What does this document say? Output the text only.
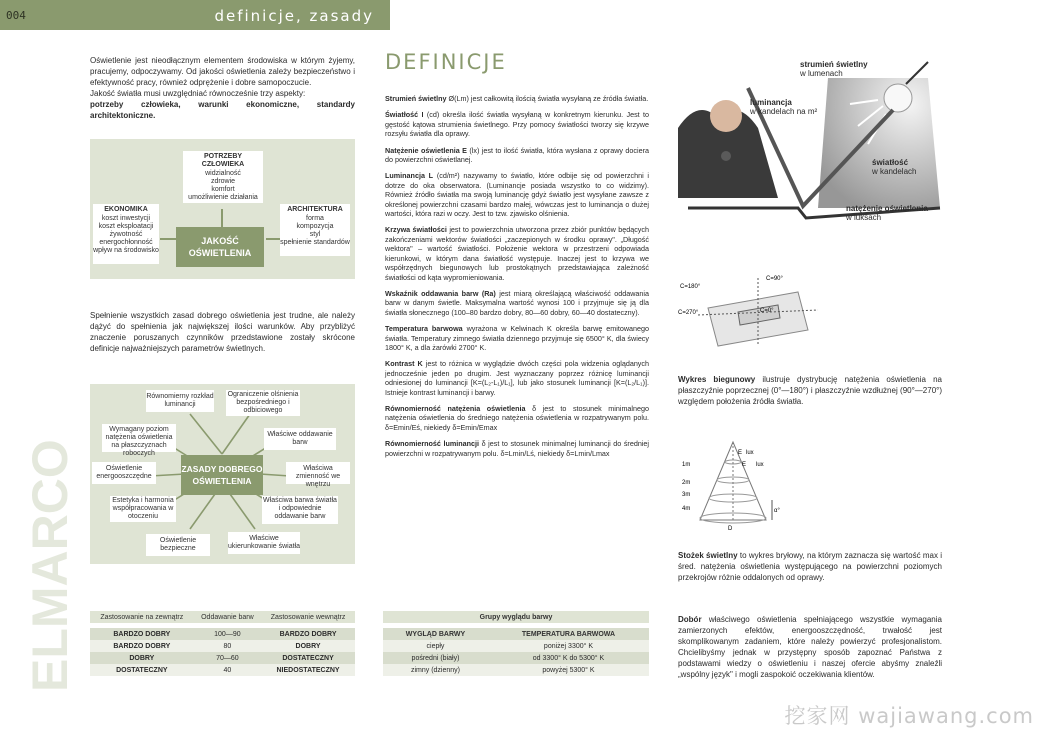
004	definicje, zasady
ELMARCO
Oświetlenie jest nieodłącznym elementem środowiska w którym żyjemy, pracujemy, odpoczywamy. Od jakości oświetlenia zależy bezpieczeństwo i efektywność pracy, również odprężenie i dobre samopoczucie.
Jakość światła musi uwzględniać równocześnie trzy aspekty:
potrzeby człowieka, warunki ekonomiczne, standardy architektoniczne.
POTRZEBY CZŁOWIEKA
widzialność
zdrowie
komfort
umożliwienie działania
EKONOMIKA
koszt inwestycji
koszt eksploatacji
żywotność
energochłonność
wpływ na środowisko
ARCHITEKTURA
forma
kompozycja
styl
spełnienie standardów
JAKOŚĆ
OŚWIETLENIA
Spełnienie wszystkich zasad dobrego oświetlenia jest trudne, ale należy dążyć do spełnienia jak największej ilości warunków. Aby przybliżyć znaczenie poruszanych czynników przedstawione zostały skrócone definicje najważniejszych parametrów świetlnych.
Równomierny rozkład luminancji
Ograniczenie olśnienia bezpośredniego i odbiciowego
Wymagany poziom natężenia oświetlenia na płaszczyznach roboczych
Właściwe oddawanie barw
Oświetlenie energooszczędne
Właściwa zmienność we wnętrzu
Estetyka i harmonia współpracowania w otoczeniu
Właściwa barwa światła i odpowiednie oddawanie barw
Oświetlenie bezpieczne
Właściwe ukierunkowanie światła
ZASADY DOBREGO
OŚWIETLENIA
Zastosowanie na zewnątrz	Oddawanie barw	Zastosowanie wewnątrz

BARDZO DOBRY	100—90	BARDZO DOBRY
BARDZO DOBRY	80	DOBRY
DOBRY	70—60	DOSTATECZNY
DOSTATECZNY	40	NIEDOSTATECZNY
DEFINICJE

Strumień świetlny Ø(Lm) jest całkowitą ilością światła wysyłaną ze źródła światła.

Światłość I (cd) określa ilość światła wysyłaną w konkretnym kierunku. Jest to gęstość kątowa strumienia świetlnego. Przy pomocy światłości tworzy się krzywe rozsyłu światła dla oprawy.

Natężenie oświetlenia E (lx) jest to ilość światła, która wysłana z oprawy dociera do powierzchni oświetlanej.

Luminancja L (cd/m²) nazywamy to światło, które odbije się od powierzchni i dotrze do oka obserwatora. (Luminancje posiada wszystko to co widzimy). Również źródło światła ma swoją luminancję gdyż światło jest wysyłane zawsze z określonej powierzchni czasami bardzo małej, wówczas jest to luminancja o dużej wartości, która razi w oczy. Jest to tzw. zjawisko olśnienia.

Krzywa światłości jest to powierzchnia utworzona przez zbiór punktów będących zakończeniami wektorów światłości „zaczepionych w środku oprawy". „Długość wektora" – wartość światłości. Położenie wektora w przestrzeni odpowiada kierunkowi, w którym dana światłość występuje. Inaczej jest to krzywa we współrzędnych biegunowych lub prostokątnych przedstawiająca zależność światłości od kąta wypromieniowania.

Wskaźnik oddawania barw (Ra) jest miarą określającą właściwość oddawania barw w danym świetle. Maksymalna wartość wynosi 100 i przyjmuje się ją dla światła słonecznego (100–80 bardzo dobry, 80—60 dobry, 60—40 dostateczny).

Temperatura barwowa wyrażona w Kelwinach K określa barwę emitowanego światła. Temperatury zimnego światła dziennego przyjmuje się 6500° K, dla świecy 1800° K, a dla żarówki 2700° K.

Kontrast K jest to różnica w wyglądzie dwóch części pola widzenia oglądanych jednocześnie jeden po drugim. Jest wyznaczany poprzez różnicę luminancji odniesionej do luminancji [K=(L₂-L₁)/L₁], lub jako stosunek luminancji [K=(L₂/L₁)]. Istnieje kontrast luminancji i barwy.

Równomierność natężenia oświetlenia δ jest to stosunek minimalnego natężenia oświetlenia do średniego natężenia oświetlenia w rozpatrywanym polu. δ=Emin/Eś, niekiedy δ=Emin/Emax

Równomierność luminancji δ jest to stosunek minimalnej luminancji do średniej powierzchni w rozpatrywanym polu. δ=Lmin/Lś, niekiedy δ=Lmin/Lmax

Grupy wyglądu barwy	

WYGLĄD BARWY	TEMPERATURA BARWOWA
ciepły	poniżej 3300° K
pośredni (biały)	od 3300° K do 5300° K
zimny (dzienny)	powyżej 5300° K
strumień świetlny
w lumenach
luminancja
w kandelach na m²
światłość
w kandelach
natężenie oświetlenia
w luksach
C=180°
C=90°
C=270°	C=0°
Wykres biegunowy ilustruje dystrybucję natężenia oświetlenia na płaszczyźnie poprzecznej (0°—180°) i płaszczyźnie wzdłużnej (90°—270°) względem położenia źródła światła.
1m
2m
3m
4m
E lux
E lux
α°
D
Stożek świetlny to wykres bryłowy, na którym zaznacza się wartość max i śred. natężenia oświetlenia występującego na powierzchni poziomych przekrojów różnie oddalonych od oprawy.
Dobór właściwego oświetlenia spełniającego wszystkie wymagania zamierzonych efektów, energooszczędność, trwałość jest skomplikowanym zadaniem, które należy powierzyć profesjonalistom. Chcielibyśmy jednak w przystępny sposób zapoznać Państwa z podstawami wiedzy o oświetleniu i naszej ofercie abyśmy znaleźli „wspólny język" i mogli zaspokoić oczekiwania klientów.
挖家网 wajiawang.com
